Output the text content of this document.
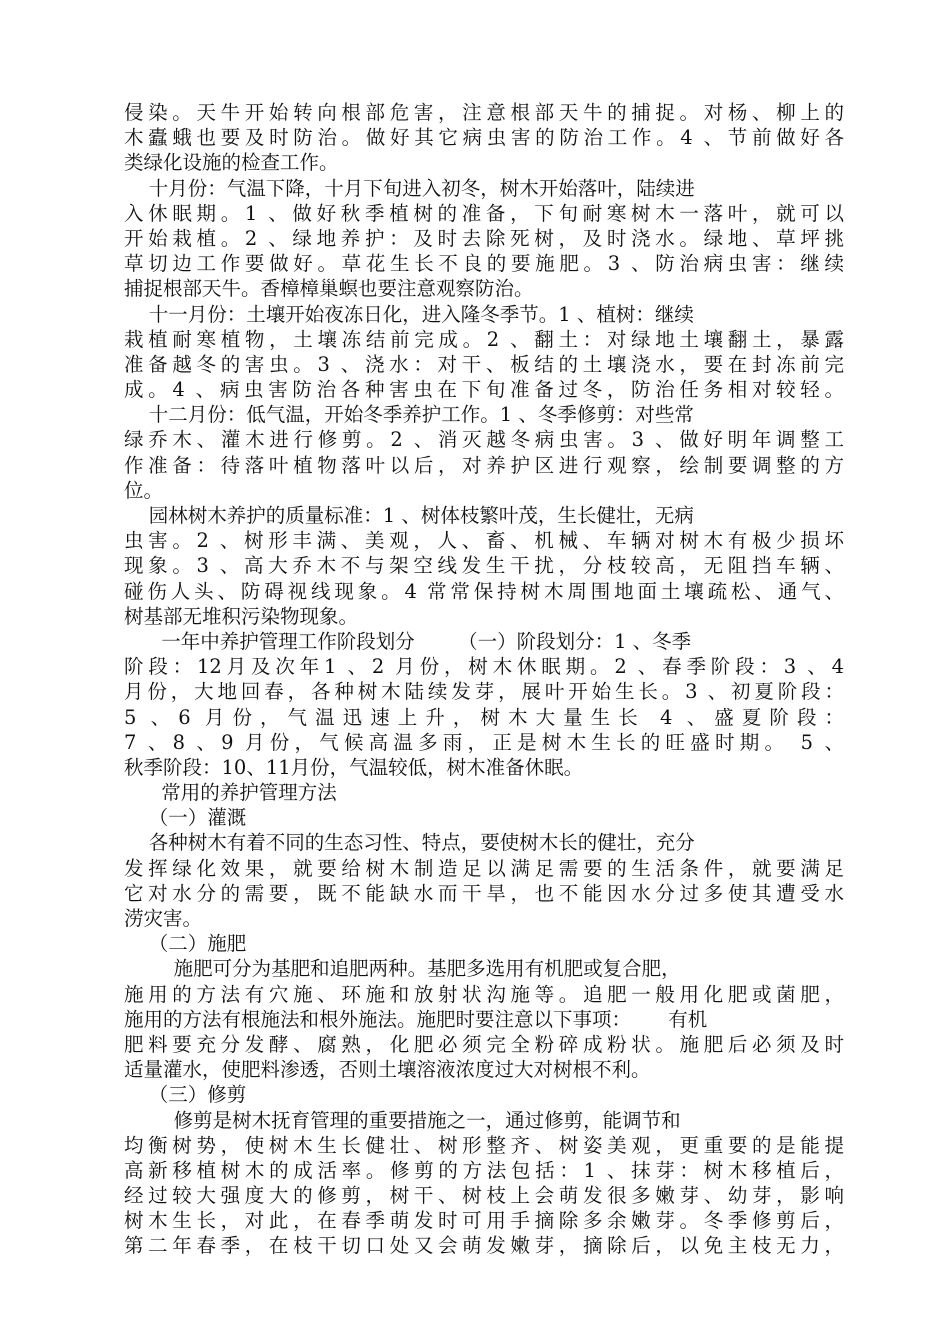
侵染。天牛开始转向根部危害，注意根部天牛的捕捉。对杨、柳上的
木蠹蛾也要及时防治。做好其它病虫害的防治工作。4 、节前做好各
类绿化设施的检查工作。
十月份：气温下降，十月下旬进入初冬，树木开始落叶，陆续进
入休眠期。1 、做好秋季植树的准备，下旬耐寒树木一落叶，就可以
开始栽植。2 、绿地养护：及时去除死树，及时浇水。绿地、草坪挑
草切边工作要做好。草花生长不良的要施肥。3 、防治病虫害：继续
捕捉根部天牛。香樟樟巢螟也要注意观察防治。
十一月份：土壤开始夜冻日化，进入隆冬季节。1 、植树：继续
栽植耐寒植物，土壤冻结前完成。2 、翻土：对绿地土壤翻土，暴露
准备越冬的害虫。3 、浇水：对干、板结的土壤浇水，要在封冻前完
成。4 、病虫害防治各种害虫在下旬准备过冬，防治任务相对较轻。
十二月份：低气温，开始冬季养护工作。1 、冬季修剪：对些常
绿乔木、灌木进行修剪。2 、消灭越冬病虫害。3 、做好明年调整工
作准备：待落叶植物落叶以后，对养护区进行观察，绘制要调整的方
位。
园林树木养护的质量标准：1 、树体枝繁叶茂，生长健壮，无病
虫害。2 、树形丰满、美观，人、畜、机械、车辆对树木有极少损坏
现象。3 、高大乔木不与架空线发生干扰，分枝较高，无阻挡车辆、
碰伤人头、防碍视线现象。4 常常保持树木周围地面土壤疏松、通气、
树基部无堆积污染物现象。
一年中养护管理工作阶段划分       （一）阶段划分：1 、冬季
阶段：12月及次年1 、2 月份，树木休眠期。2 、春季阶段：3 、4
月份，大地回春，各种树木陆续发芽，展叶开始生长。3 、初夏阶段：
5 、6 月份，气温迅速上升，树木大量生长 4 、盛夏阶段：
7 、8 、9 月份，气候高温多雨，正是树木生长的旺盛时期。 5 、
秋季阶段：10、11月份，气温较低，树木准备休眠。
常用的养护管理方法
（一）灌溉
各种树木有着不同的生态习性、特点，要使树木长的健壮，充分
发挥绿化效果，就要给树木制造足以满足需要的生活条件，就要满足
它对水分的需要，既不能缺水而干旱，也不能因水分过多使其遭受水
涝灾害。
（二）施肥
施肥可分为基肥和追肥两种。基肥多选用有机肥或复合肥，
施用的方法有穴施、环施和放射状沟施等。追肥一般用化肥或菌肥，
施用的方法有根施法和根外施法。施肥时要注意以下事项：      有机
肥料要充分发酵、腐熟，化肥必须完全粉碎成粉状。施肥后必须及时
适量灌水，使肥料渗透，否则土壤溶液浓度过大对树根不利。
（三）修剪
修剪是树木抚育管理的重要措施之一，通过修剪，能调节和
均衡树势，使树木生长健壮、树形整齐、树姿美观，更重要的是能提
高新移植树木的成活率。修剪的方法包括：1 、抹芽：树木移植后，
经过较大强度大的修剪，树干、树枝上会萌发很多嫩芽、幼芽，影响
树木生长，对此，在春季萌发时可用手摘除多余嫩芽。冬季修剪后，
第二年春季，在枝干切口处又会萌发嫩芽，摘除后，以免主枝无力，
